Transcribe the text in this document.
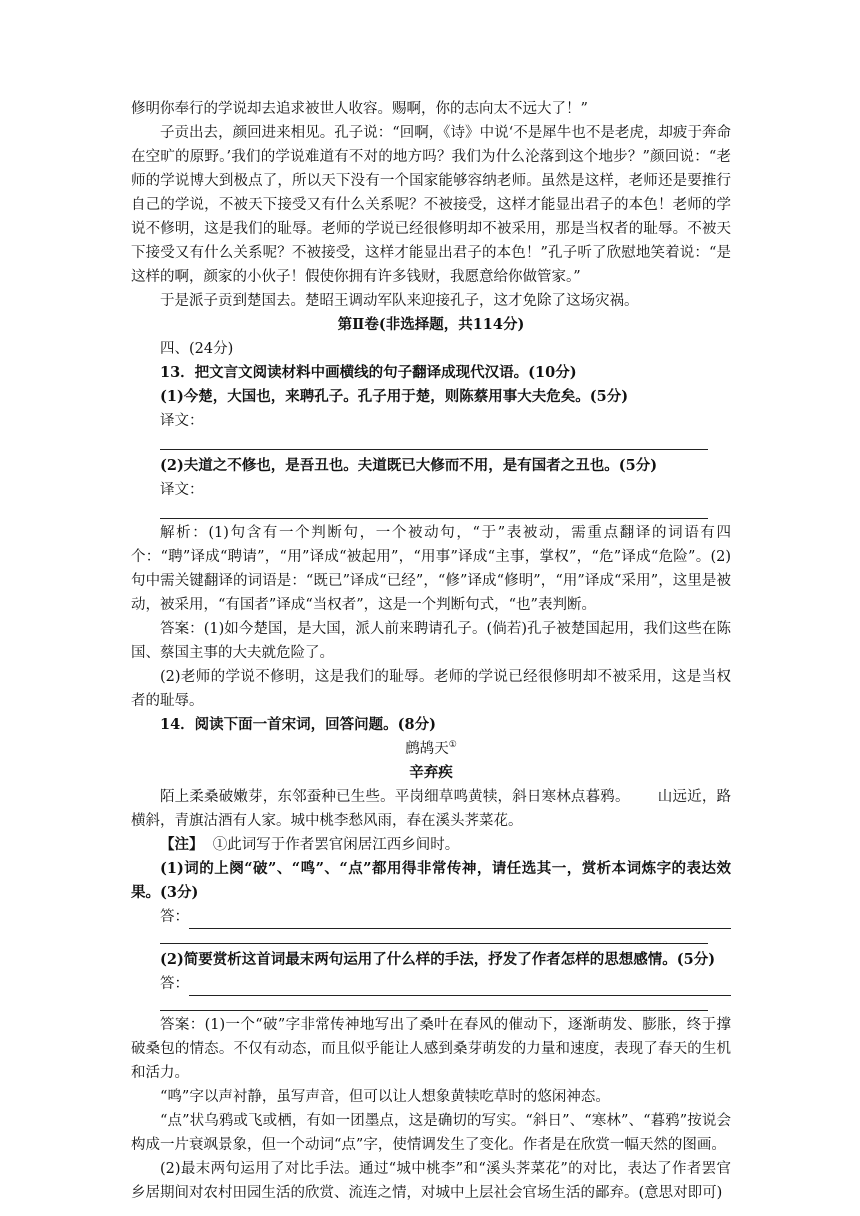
修明你奉行的学说却去追求被世人收容。赐啊，你的志向太不远大了！”

子贡出去，颜回进来相见。孔子说：“回啊，《诗》中说‘不是犀牛也不是老虎，却疲于奔命在空旷的原野。’我们的学说难道有不对的地方吗？我们为什么沦落到这个地步？”颜回说：“老师的学说博大到极点了，所以天下没有一个国家能够容纳老师。虽然是这样，老师还是要推行自己的学说，不被天下接受又有什么关系呢？不被接受，这样才能显出君子的本色！老师的学说不修明，这是我们的耻辱。老师的学说已经很修明却不被采用，那是当权者的耻辱。不被天下接受又有什么关系呢？不被接受，这样才能显出君子的本色！”孔子听了欣慰地笑着说：“是这样的啊，颜家的小伙子！假使你拥有许多钱财，我愿意给你做管家。”

于是派子贡到楚国去。楚昭王调动军队来迎接孔子，这才免除了这场灾祸。

第Ⅱ卷(非选择题，共114分)

四、(24分)

13．把文言文阅读材料中画横线的句子翻译成现代汉语。(10分)

(1)今楚，大国也，来聘孔子。孔子用于楚，则陈蔡用事大夫危矣。(5分)

译文：

(2)夫道之不修也，是吾丑也。夫道既已大修而不用，是有国者之丑也。(5分)

译文：

解析：(1)句含有一个判断句，一个被动句，“于”表被动，需重点翻译的词语有四个：“聘”译成“聘请”，“用”译成“被起用”，“用事”译成“主事，掌权”，“危”译成“危险”。(2)句中需关键翻译的词语是：“既已”译成“已经”，“修”译成“修明”，“用”译成“采用”，这里是被动，被采用，“有国者”译成“当权者”，这是一个判断句式，“也”表判断。

答案：(1)如今楚国，是大国，派人前来聘请孔子。(倘若)孔子被楚国起用，我们这些在陈国、蔡国主事的大夫就危险了。

(2)老师的学说不修明，这是我们的耻辱。老师的学说已经很修明却不被采用，这是当权者的耻辱。

14．阅读下面一首宋词，回答问题。(8分)

鹧鸪天①

辛弃疾

陌上柔桑破嫩芽，东邻蚕种已生些。平岗细草鸣黄犊，斜日寒林点暮鸦。 山远近，路横斜，青旗沽酒有人家。城中桃李愁风雨，春在溪头荠菜花。

【注】 ①此词写于作者罢官闲居江西乡间时。

(1)词的上阕“破”、“鸣”、“点”都用得非常传神，请任选其一，赏析本词炼字的表达效果。(3分)

答：

(2)简要赏析这首词最末两句运用了什么样的手法，抒发了作者怎样的思想感情。(5分)

答：

答案：(1)一个“破”字非常传神地写出了桑叶在春风的催动下，逐渐萌发、膨胀，终于撑破桑包的情态。不仅有动态，而且似乎能让人感到桑芽萌发的力量和速度，表现了春天的生机和活力。

“鸣”字以声衬静，虽写声音，但可以让人想象黄犊吃草时的悠闲神态。

“点”状乌鸦或飞或栖，有如一团墨点，这是确切的写实。“斜日”、“寒林”、“暮鸦”按说会构成一片衰飒景象，但一个动词“点”字，使情调发生了变化。作者是在欣赏一幅天然的图画。

(2)最末两句运用了对比手法。通过“城中桃李”和“溪头荠菜花”的对比，表达了作者罢官乡居期间对农村田园生活的欣赏、流连之情，对城中上层社会官场生活的鄙弃。(意思对即可)
